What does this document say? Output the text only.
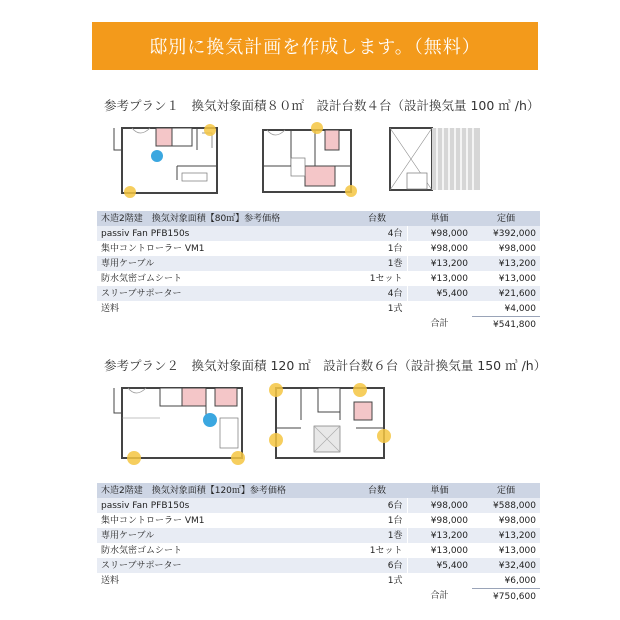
邸別に換気計画を作成します。（無料）
参考プラン１　換気対象面積８０㎡　設計台数４台（設計換気量 100 ㎥ /h）
木造2階建　換気対象面積【80㎡】参考価格	台数	単価	定価
passiv Fan PFB150s	4台	¥98,000	¥392,000
集中コントローラー VM1	1台	¥98,000	¥98,000
専用ケーブル	1巻	¥13,200	¥13,200
防水気密ゴムシート	1セット	¥13,000	¥13,000
スリーブサポーター	4台	¥5,400	¥21,600
送料	1式		¥4,000
		合計	¥541,800
参考プラン２　換気対象面積 120 ㎡　設計台数６台（設計換気量 150 ㎥ /h）
木造2階建　換気対象面積【120㎡】参考価格	台数	単価	定価
passiv Fan PFB150s	6台	¥98,000	¥588,000
集中コントローラー VM1	1台	¥98,000	¥98,000
専用ケーブル	1巻	¥13,200	¥13,200
防水気密ゴムシート	1セット	¥13,000	¥13,000
スリーブサポーター	6台	¥5,400	¥32,400
送料	1式		¥6,000
		合計	¥750,600
